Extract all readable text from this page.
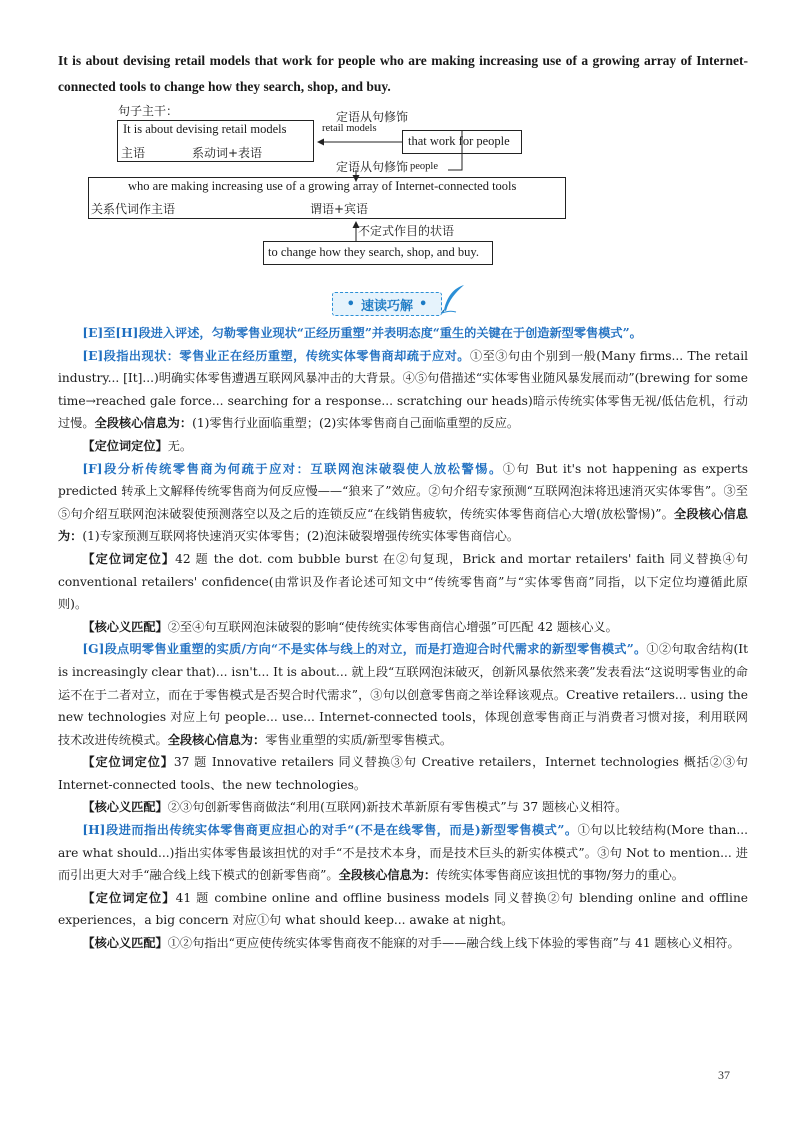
It is about devising retail models that work for people who are making increasing use of a growing array of Internet-connected tools to change how they search, shop, and buy.
句子主干：
It is about devising retail models
主语	系动词+表语
定语从句修饰
retail models
that work for people
定语从句修饰 people
who are making increasing use of a growing array of Internet-connected tools
关系代词作主语	谓语+宾语
不定式作目的状语
to change how they search, shop, and buy.
• 速读巧解 •

[E]至[H]段进入评述，匀勒零售业现状“正经历重塑”并表明态度“重生的关键在于创造新型零售模式”。

[E]段指出现状：零售业正在经历重塑，传统实体零售商却疏于应对。①至③句由个别到一般(Many firms... The retail industry... [It]...)明确实体零售遭遇互联网风暴冲击的大背景。④⑤句借描述“实体零售业随风暴发展而动”(brewing for some time→reached gale force... searching for a response... scratching our heads)暗示传统实体零售无视/低估危机，行动过慢。全段核心信息为：(1)零售行业面临重塑；(2)实体零售商自己面临重塑的反应。

【定位词定位】无。

[F]段分析传统零售商为何疏于应对：互联网泡沫破裂使人放松警惕。①句 But it's not happening as experts predicted 转承上文解释传统零售商为何反应慢——“狼来了”效应。②句介绍专家预测“互联网泡沫将迅速消灭实体零售”。③至⑤句介绍互联网泡沫破裂使预测落空以及之后的连锁反应“在线销售疲软，传统实体零售商信心大增(放松警惕)”。全段核心信息为：(1)专家预测互联网将快速消灭实体零售；(2)泡沫破裂增强传统实体零售商信心。

【定位词定位】42 题 the dot. com bubble burst 在②句复现，Brick and mortar retailers' faith 同义替换④句 conventional retailers' confidence(由常识及作者论述可知文中“传统零售商”与“实体零售商”同指，以下定位均遵循此原则)。

【核心义匹配】②至④句互联网泡沫破裂的影响“使传统实体零售商信心增强”可匹配 42 题核心义。

[G]段点明零售业重塑的实质/方向“不是实体与线上的对立，而是打造迎合时代需求的新型零售模式”。①②句取舍结构(It is increasingly clear that)... isn't... It is about... 就上段“互联网泡沫破灭，创新风暴依然来袭”发表看法“这说明零售业的命运不在于二者对立，而在于零售模式是否契合时代需求”，③句以创意零售商之举诠释该观点。Creative retailers... using the new technologies 对应上句 people... use... Internet-connected tools，体现创意零售商正与消费者习惯对接，利用联网技术改进传统模式。全段核心信息为：零售业重塑的实质/新型零售模式。

【定位词定位】37 题 Innovative retailers 同义替换③句 Creative retailers，Internet technologies 概括②③句 Internet-connected tools、the new technologies。

【核心义匹配】②③句创新零售商做法“利用(互联网)新技术革新原有零售模式”与 37 题核心义相符。

[H]段进而指出传统实体零售商更应担心的对手“(不是在线零售，而是)新型零售模式”。①句以比较结构(More than... are what should...)指出实体零售最该担忧的对手“不是技术本身，而是技术巨头的新实体模式”。③句 Not to mention... 进而引出更大对手“融合线上线下模式的创新零售商”。全段核心信息为：传统实体零售商应该担忧的事物/努力的重心。

【定位词定位】41 题 combine online and offline business models 同义替换②句 blending online and offline experiences，a big concern 对应①句 what should keep... awake at night。

【核心义匹配】①②句指出“更应使传统实体零售商夜不能寐的对手——融合线上线下体验的零售商”与 41 题核心义相符。

37
